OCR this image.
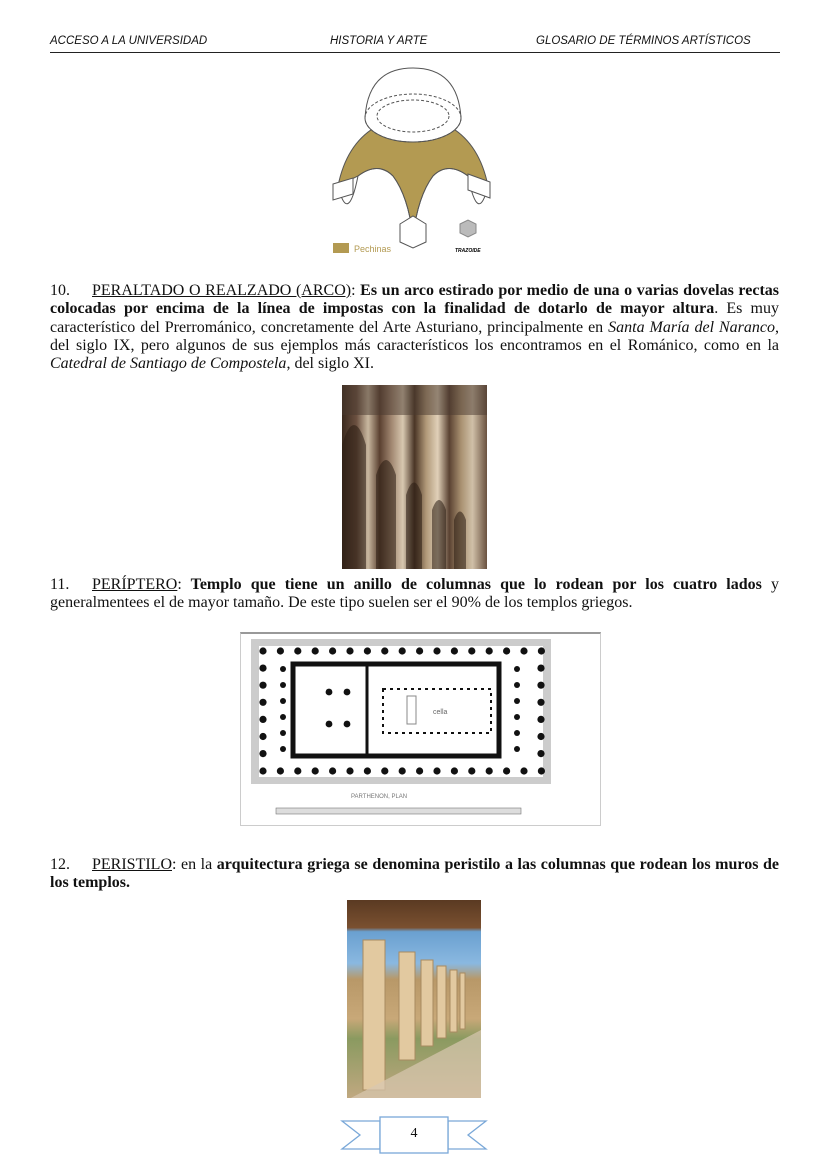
ACCESO A LA UNIVERSIDAD	HISTORIA Y ARTE	GLOSARIO DE TÉRMINOS ARTÍSTICOS
Pechinas	TRAZOIDE
10. PERALTADO O REALZADO (ARCO): Es un arco estirado por medio de una o varias dovelas rectas colocadas por encima de la línea de impostas con la finalidad de dotarlo de mayor altura. Es muy característico del Prerrománico, concretamente del Arte Asturiano, principalmente en Santa María del Naranco, del siglo IX, pero algunos de sus ejemplos más característicos los encontramos en el Románico, como en la Catedral de Santiago de Compostela, del siglo XI.
11. PERÍPTERO: Templo que tiene un anillo de columnas que lo rodean por los cuatro lados y generalmentees el de mayor tamaño. De este tipo suelen ser el 90% de los templos griegos.
cella
PARTHENON, PLAN
12. PERISTILO: en la arquitectura griega se denomina peristilo a las columnas que rodean los muros de los templos.
4
